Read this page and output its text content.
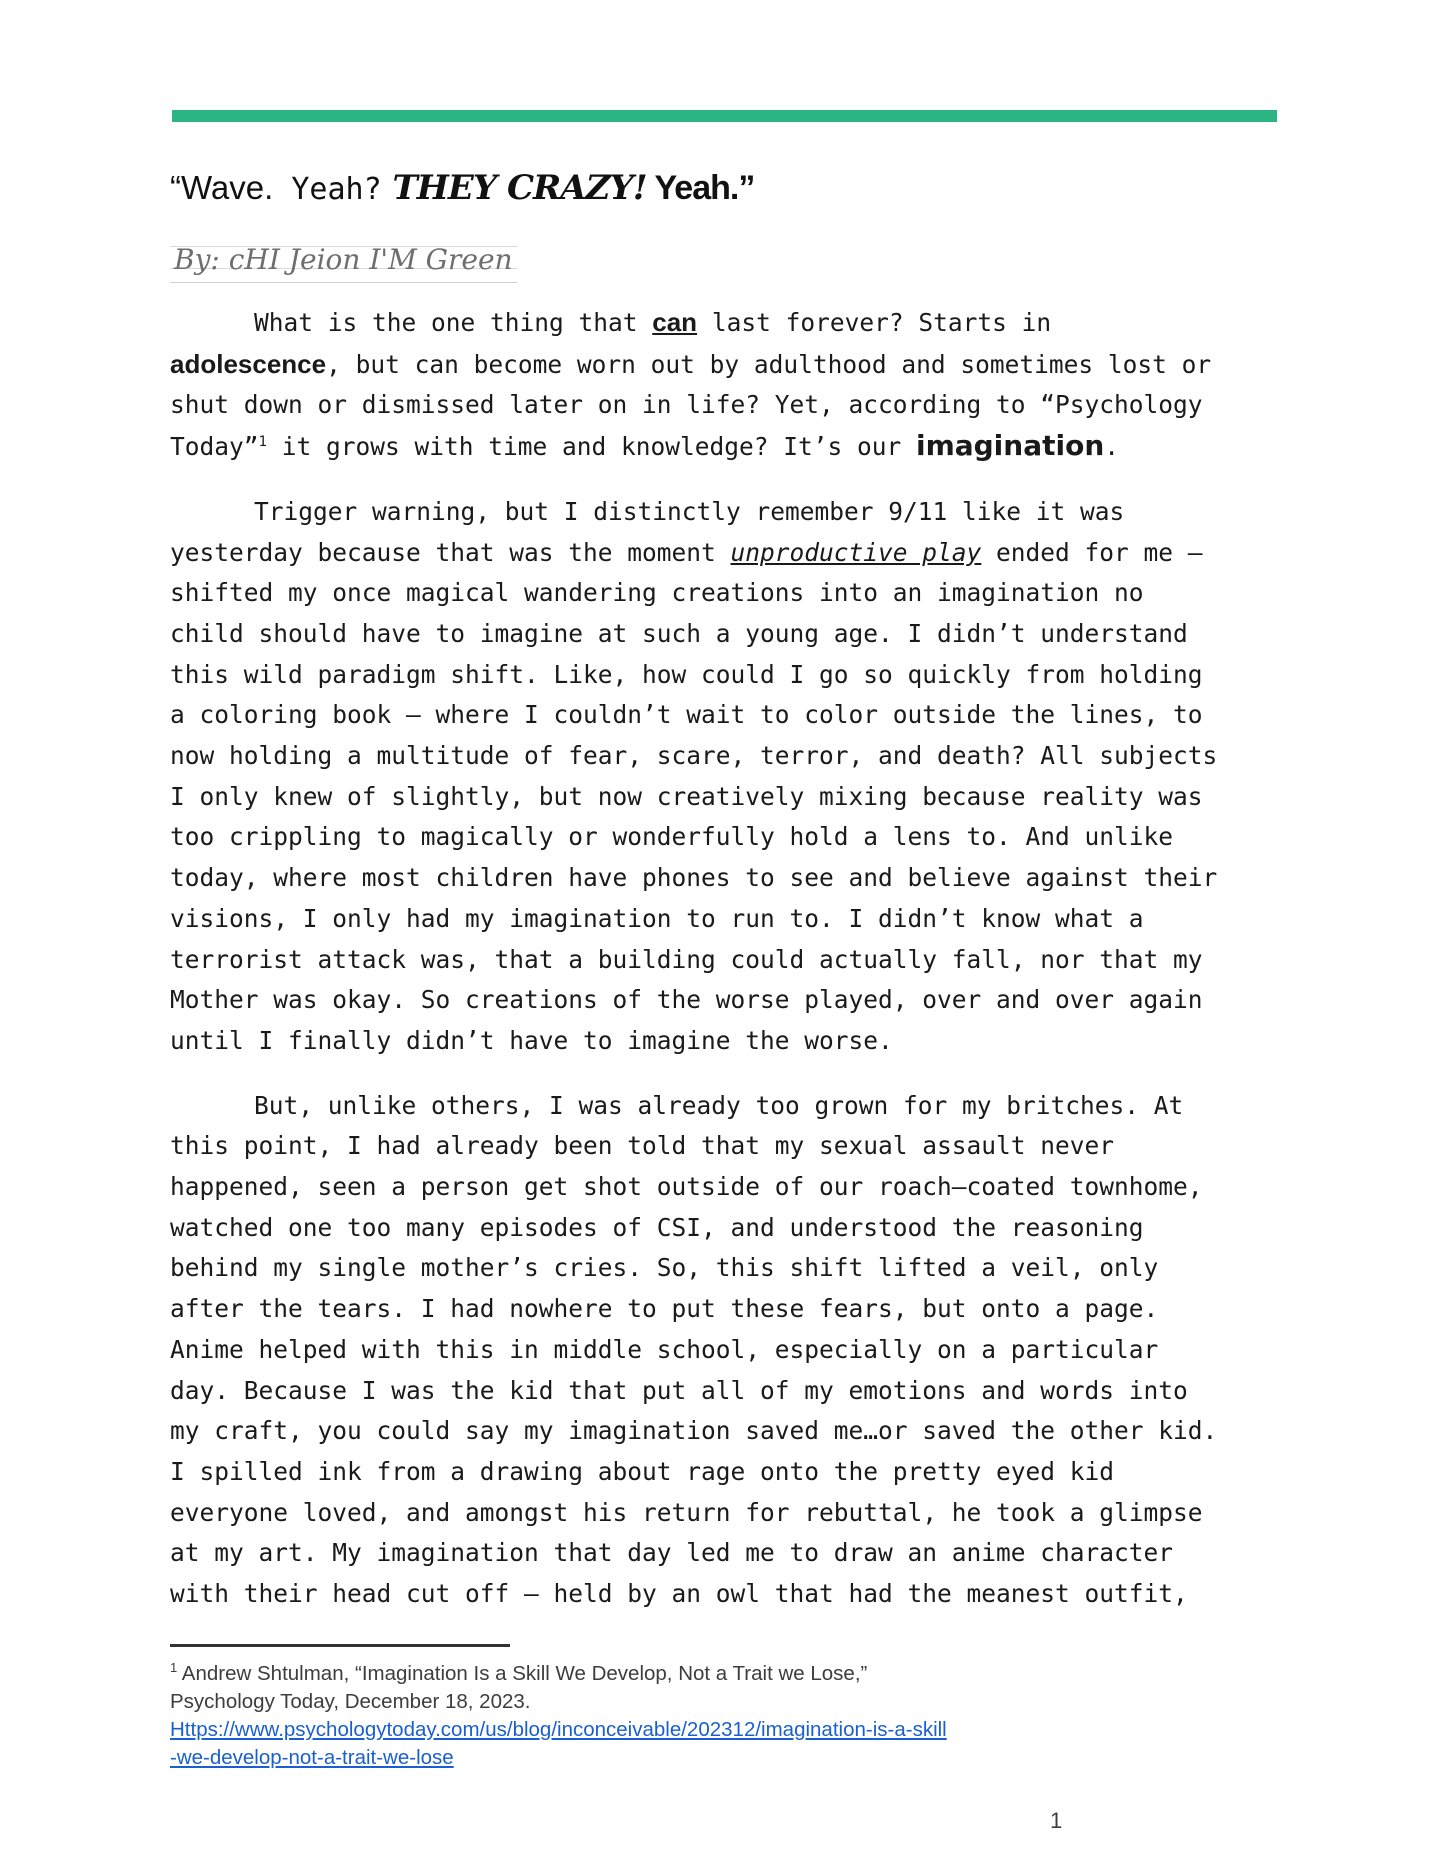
“Wave. Yeah? THEY CRAZY! Yeah.”
By: cHI Jeion I'M Green

What is the one thing that can last forever? Starts in
adolescence, but can become worn out by adulthood and sometimes lost or
shut down or dismissed later on in life? Yet, according to “Psychology
Today”$^1$ it grows with time and knowledge? It’s our imagination.

Trigger warning, but I distinctly remember 9/11 like it was
yesterday because that was the moment unproductive play ended for me –
shifted my once magical wandering creations into an imagination no
child should have to imagine at such a young age. I didn’t understand
this wild paradigm shift. Like, how could I go so quickly from holding
a coloring book – where I couldn’t wait to color outside the lines, to
now holding a multitude of fear, scare, terror, and death? All subjects
I only knew of slightly, but now creatively mixing because reality was
too crippling to magically or wonderfully hold a lens to. And unlike
today, where most children have phones to see and believe against their
visions, I only had my imagination to run to. I didn’t know what a
terrorist attack was, that a building could actually fall, nor that my
Mother was okay. So creations of the worse played, over and over again
until I finally didn’t have to imagine the worse.

But, unlike others, I was already too grown for my britches. At
this point, I had already been told that my sexual assault never
happened, seen a person get shot outside of our roach–coated townhome,
watched one too many episodes of CSI, and understood the reasoning
behind my single mother’s cries. So, this shift lifted a veil, only
after the tears. I had nowhere to put these fears, but onto a page.
Anime helped with this in middle school, especially on a particular
day. Because I was the kid that put all of my emotions and words into
my craft, you could say my imagination saved me…or saved the other kid.
I spilled ink from a drawing about rage onto the pretty eyed kid
everyone loved, and amongst his return for rebuttal, he took a glimpse
at my art. My imagination that day led me to draw an anime character
with their head cut off – held by an owl that had the meanest outfit,

$^1$ Andrew Shtulman, “Imagination Is a Skill We Develop, Not a Trait we Lose,”
Psychology Today, December 18, 2023.
Https://www.psychologytoday.com/us/blog/inconceivable/202312/imagination-is-a-skill
-we-develop-not-a-trait-we-lose
1
